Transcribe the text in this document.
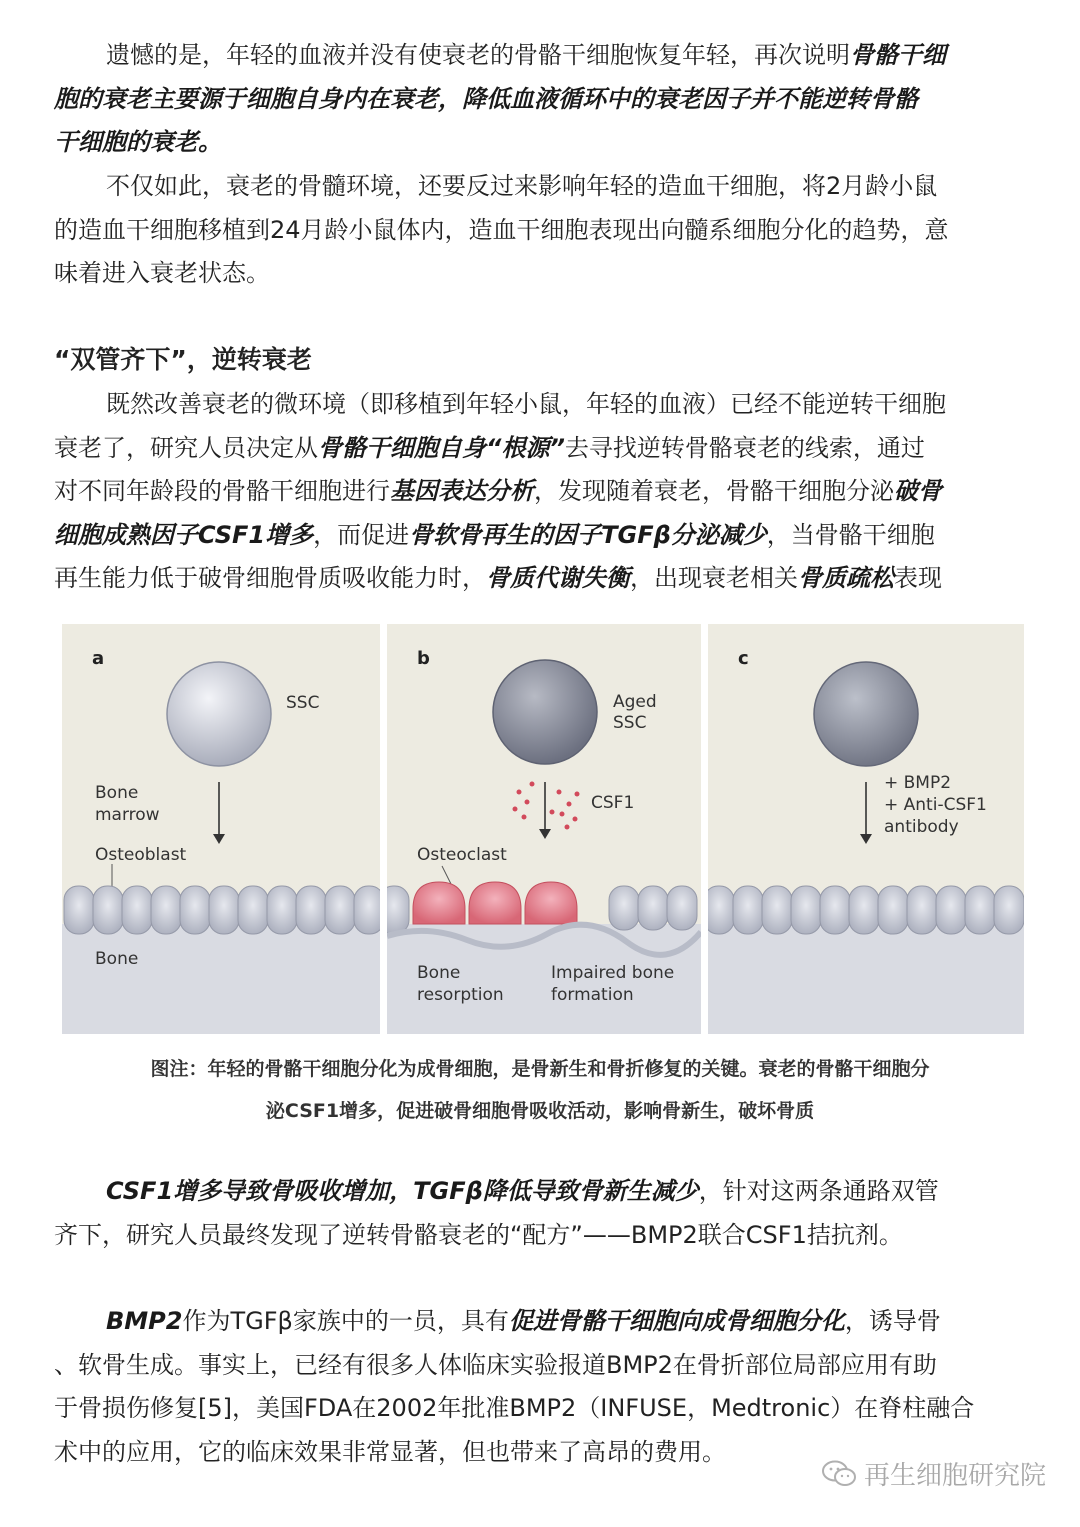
遗憾的是，年轻的血液并没有使衰老的骨骼干细胞恢复年轻，再次说明骨骼干细
胞的衰老主要源于细胞自身内在衰老，降低血液循环中的衰老因子并不能逆转骨骼
干细胞的衰老。
不仅如此，衰老的骨髓环境，还要反过来影响年轻的造血干细胞，将2月龄小鼠
的造血干细胞移植到24月龄小鼠体内，造血干细胞表现出向髓系细胞分化的趋势，意
味着进入衰老状态。
“双管齐下”，逆转衰老
既然改善衰老的微环境（即移植到年轻小鼠，年轻的血液）已经不能逆转干细胞
衰老了，研究人员决定从骨骼干细胞自身“根源”去寻找逆转骨骼衰老的线索，通过
对不同年龄段的骨骼干细胞进行基因表达分析，发现随着衰老，骨骼干细胞分泌破骨
细胞成熟因子CSF1增多，而促进骨软骨再生的因子TGFβ分泌减少，当骨骼干细胞
再生能力低于破骨细胞骨质吸收能力时，骨质代谢失衡，出现衰老相关骨质疏松表现
a
SSC
Bone
marrow
Osteoblast
Bone
b
Aged
SSC
CSF1
Osteoclast
Bone
resorption
Impaired bone
formation
c
+ BMP2
+ Anti-CSF1
antibody
图注：年轻的骨骼干细胞分化为成骨细胞，是骨新生和骨折修复的关键。衰老的骨骼干细胞分
泌CSF1增多，促进破骨细胞骨吸收活动，影响骨新生，破坏骨质
CSF1增多导致骨吸收增加，TGFβ降低导致骨新生减少，针对这两条通路双管
齐下，研究人员最终发现了逆转骨骼衰老的“配方”——BMP2联合CSF1拮抗剂。
BMP2作为TGFβ家族中的一员，具有促进骨骼干细胞向成骨细胞分化，诱导骨
、软骨生成。事实上，已经有很多人体临床实验报道BMP2在骨折部位局部应用有助
于骨损伤修复[5]，美国FDA在2002年批准BMP2（INFUSE，Medtronic）在脊柱融合
术中的应用，它的临床效果非常显著，但也带来了高昂的费用。
再生细胞研究院
